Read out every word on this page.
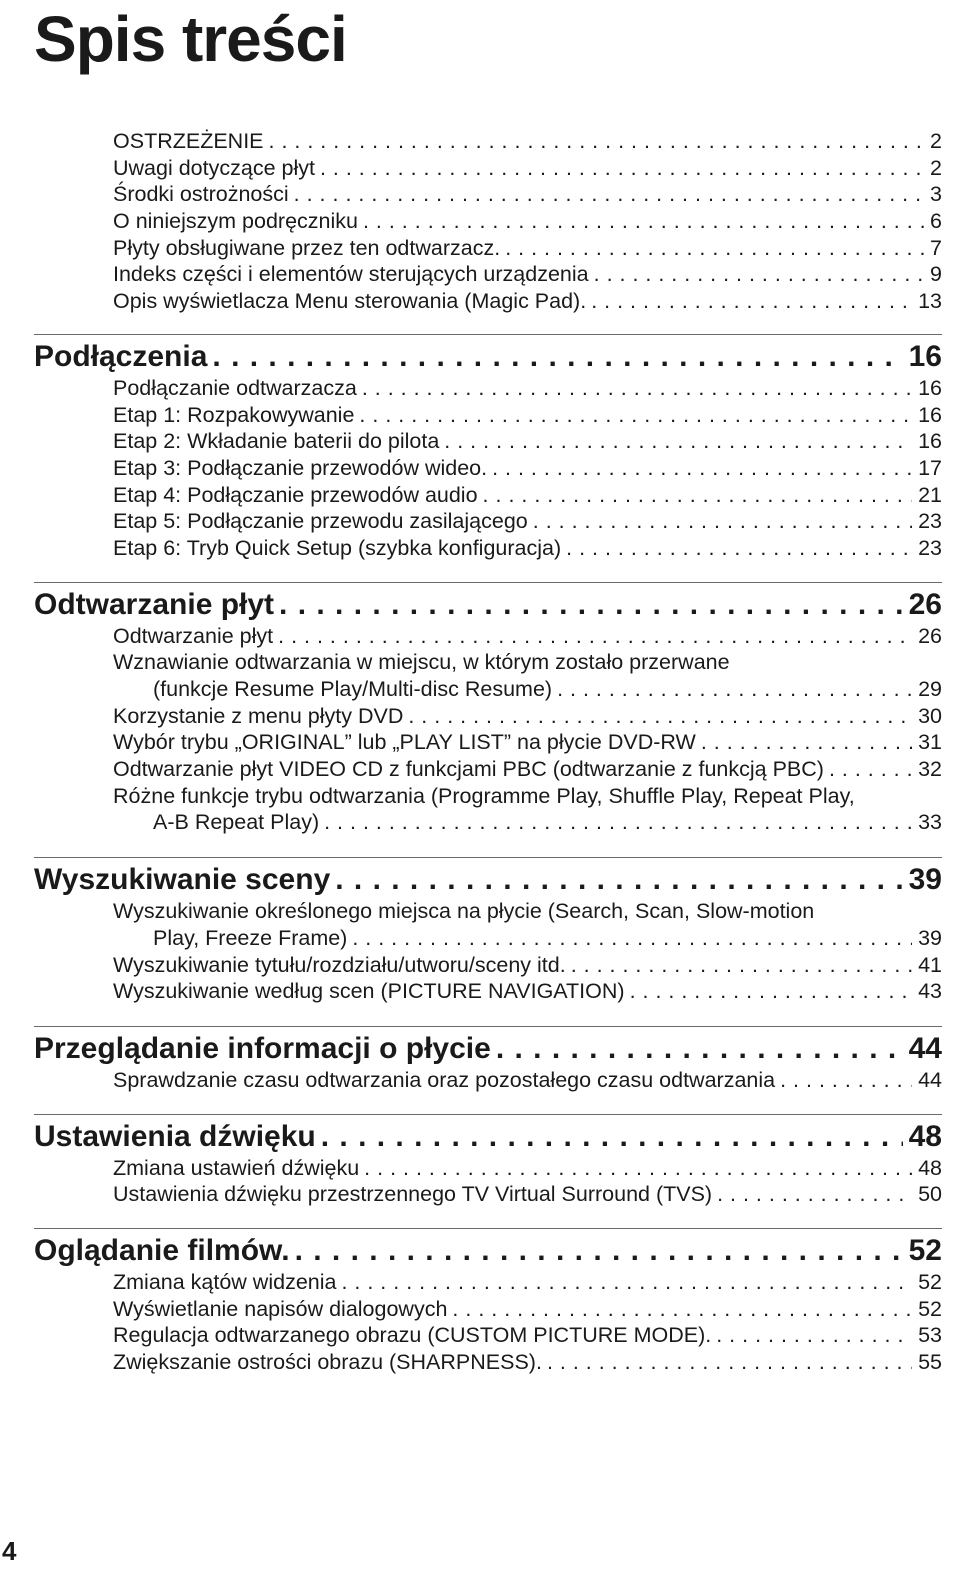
Spis treści
OSTRZEŻENIE . . .	2
Uwagi dotyczące płyt . . .	2
Środki ostrożności . . .	3
O niniejszym podręczniku . . .	6
Płyty obsługiwane przez ten odtwarzacz. . . .	7
Indeks części i elementów sterujących urządzenia . . .	9
Opis wyświetlacza Menu sterowania (Magic Pad). . . .	13
Podłączenia . . .	16
Podłączanie odtwarzacza . . .	16
Etap 1: Rozpakowywanie . . .	16
Etap 2: Wkładanie baterii do pilota . . .	16
Etap 3: Podłączanie przewodów wideo. . . .	17
Etap 4: Podłączanie przewodów audio . . .	21
Etap 5: Podłączanie przewodu zasilającego . . .	23
Etap 6: Tryb Quick Setup (szybka konfiguracja) . . .	23
Odtwarzanie płyt . . .	26
Odtwarzanie płyt . . .	26
Wznawianie odtwarzania w miejscu, w którym zostało przerwane
(funkcje Resume Play/Multi-disc Resume) . . .	29
Korzystanie z menu płyty DVD . . .	30
Wybór trybu „ORIGINAL” lub „PLAY LIST” na płycie DVD-RW . . .	31
Odtwarzanie płyt VIDEO CD z funkcjami PBC (odtwarzanie z funkcją PBC) . . .	32
Różne funkcje trybu odtwarzania (Programme Play, Shuffle Play, Repeat Play,
A-B Repeat Play) . . .	33
Wyszukiwanie sceny . . .	39
Wyszukiwanie określonego miejsca na płycie (Search, Scan, Slow-motion
Play, Freeze Frame) . . .	39
Wyszukiwanie tytułu/rozdziału/utworu/sceny itd. . . .	41
Wyszukiwanie według scen (PICTURE NAVIGATION) . . .	43
Przeglądanie informacji o płycie . . .	44
Sprawdzanie czasu odtwarzania oraz pozostałego czasu odtwarzania . . .	44
Ustawienia dźwięku . . .	48
Zmiana ustawień dźwięku . . .	48
Ustawienia dźwięku przestrzennego TV Virtual Surround (TVS) . . .	50
Oglądanie filmów. . . .	52
Zmiana kątów widzenia . . .	52
Wyświetlanie napisów dialogowych . . .	52
Regulacja odtwarzanego obrazu (CUSTOM PICTURE MODE). . . .	53
Zwiększanie ostrości obrazu (SHARPNESS). . . .	55
4
